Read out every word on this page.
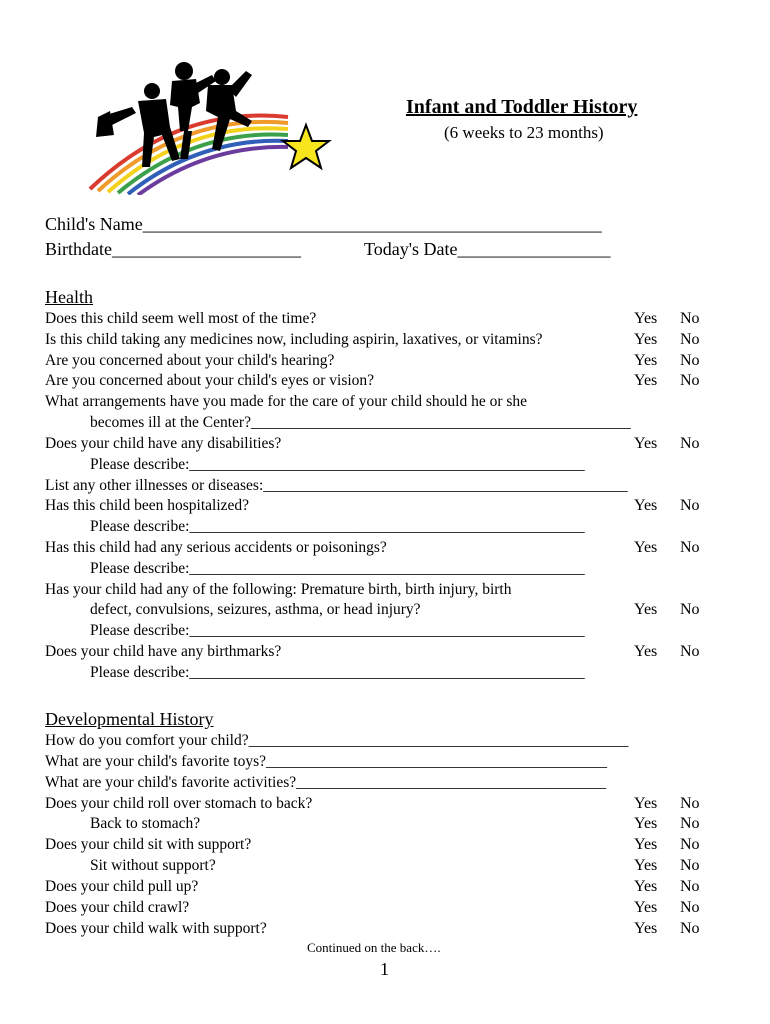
Infant and Toddler History
(6 weeks to 23 months)
Child's Name___________________________________________________
Birthdate_____________________	Today's Date_________________
Health
Does this child seem well most of the time?	Yes No
Is this child taking any medicines now, including aspirin, laxatives, or vitamins?	Yes No
Are you concerned about your child's hearing?	Yes No
Are you concerned about your child's eyes or vision?	Yes No
What arrangements have you made for the care of your child should he or she
becomes ill at the Center?_________________________________________________
Does your child have any disabilities?	Yes No
Please describe:___________________________________________________
List any other illnesses or diseases:_______________________________________________
Has this child been hospitalized?	Yes No
Please describe:___________________________________________________
Has this child had any serious accidents or poisonings?	Yes No
Please describe:___________________________________________________
Has your child had any of the following: Premature birth, birth injury, birth
defect, convulsions, seizures, asthma, or head injury?	Yes No
Please describe:___________________________________________________
Does your child have any birthmarks?	Yes No
Please describe:___________________________________________________
Developmental History
How do you comfort your child?_________________________________________________
What are your child's favorite toys?____________________________________________
What are your child's favorite activities?________________________________________
Does your child roll over stomach to back?	Yes No
Back to stomach?	Yes No
Does your child sit with support?	Yes No
Sit without support?	Yes No
Does your child pull up?	Yes No
Does your child crawl?	Yes No
Does your child walk with support?	Yes No
Continued on the back….
1
